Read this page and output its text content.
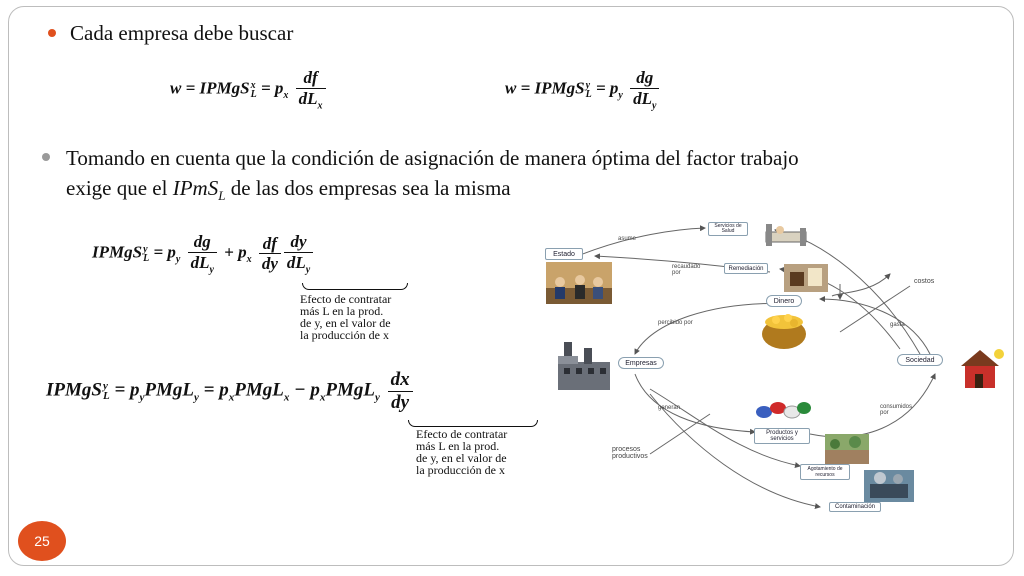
Cada empresa debe buscar
w = IPMgS x
$L = p_x \frac{df}{dL_x}$	w = IPMgS y
$L = p_y \frac{dg}{dL_y}$
Tomando en cuenta que la condición de asignación de manera óptima del factor trabajo
exige que el IPmS$_L$ de las dos empresas sea la misma
IPMgS y
$L = p_y \frac{dg}{dL_y} + p_x \frac{df}{dy} \frac{dy}{dL_y}$
Efecto de contratar
más L en la prod.
de y, en el valor de
la producción de x
IPMgS y
$L = p_yPMgL_y$ = $p_xPMgL_x$ − $p_xPMgL_y \frac{dx}{dy}$
Efecto de contratar
más L en la prod.
de y, en el valor de
la producción de x
Estado
Servicios de Salud
Remediación
Dinero
Empresas	Sociedad
Productos y servicios
Agotamiento de recursos
Contaminación
asume
recaudado por
percibido por	gasta
generan	consumidos por
costos
procesos productivos
25
